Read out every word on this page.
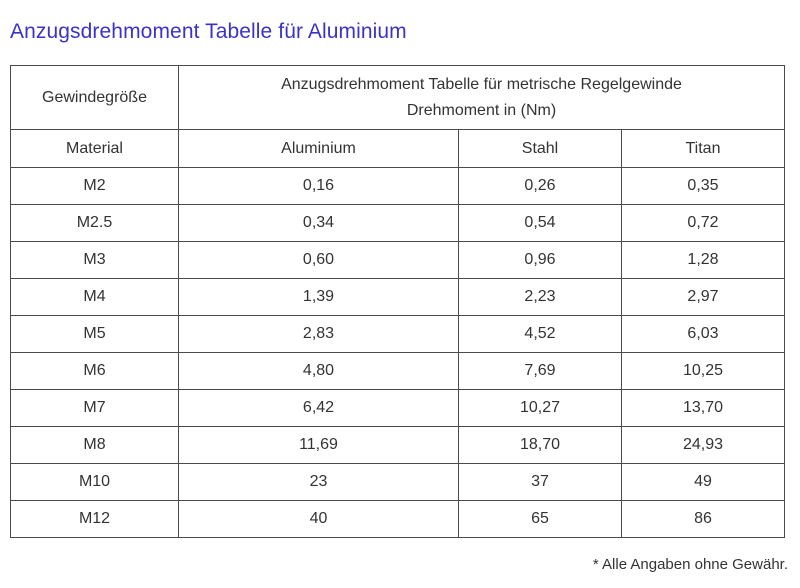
Anzugsdrehmoment Tabelle für Aluminium
Gewindegröße	Anzugsdrehmoment Tabelle für metrische Regelgewinde
Drehmoment in (Nm)		

Material	Aluminium	Stahl	Titan
M2	0,16	0,26	0,35
M2.5	0,34	0,54	0,72
M3	0,60	0,96	1,28
M4	1,39	2,23	2,97
M5	2,83	4,52	6,03
M6	4,80	7,69	10,25
M7	6,42	10,27	13,70
M8	11,69	18,70	24,93
M10	23	37	49
M12	40	65	86
* Alle Angaben ohne Gewähr.
